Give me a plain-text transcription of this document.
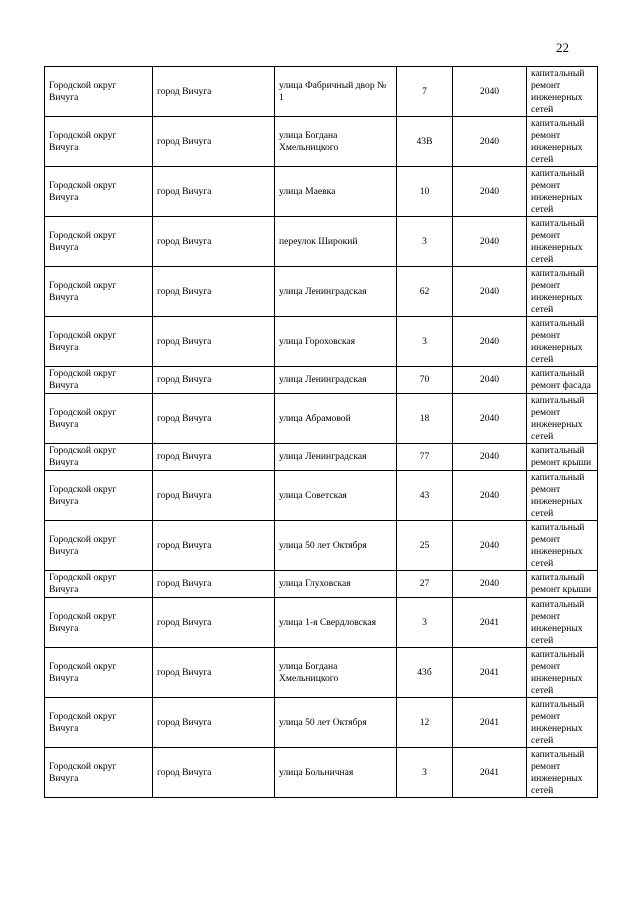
22
Городской округ Вичуга	город Вичуга	улица Фабричный двор № 1	7	2040	капитальный ремонт инженерных сетей
Городской округ Вичуга	город Вичуга	улица Богдана Хмельницкого	43В	2040	капитальный ремонт инженерных сетей
Городской округ Вичуга	город Вичуга	улица Маевка	10	2040	капитальный ремонт инженерных сетей
Городской округ Вичуга	город Вичуга	переулок Широкий	3	2040	капитальный ремонт инженерных сетей
Городской округ Вичуга	город Вичуга	улица Ленинградская	62	2040	капитальный ремонт инженерных сетей
Городской округ Вичуга	город Вичуга	улица Гороховская	3	2040	капитальный ремонт инженерных сетей
Городской округ Вичуга	город Вичуга	улица Ленинградская	70	2040	капитальный ремонт фасада
Городской округ Вичуга	город Вичуга	улица Абрамовой	18	2040	капитальный ремонт инженерных сетей
Городской округ Вичуга	город Вичуга	улица Ленинградская	77	2040	капитальный ремонт крыши
Городской округ Вичуга	город Вичуга	улица Советская	43	2040	капитальный ремонт инженерных сетей
Городской округ Вичуга	город Вичуга	улица 50 лет Октября	25	2040	капитальный ремонт инженерных сетей
Городской округ Вичуга	город Вичуга	улица Глуховская	27	2040	капитальный ремонт крыши
Городской округ Вичуга	город Вичуга	улица 1-я Свердловская	3	2041	капитальный ремонт инженерных сетей
Городской округ Вичуга	город Вичуга	улица Богдана Хмельницкого	43б	2041	капитальный ремонт инженерных сетей
Городской округ Вичуга	город Вичуга	улица 50 лет Октября	12	2041	капитальный ремонт инженерных сетей
Городской округ Вичуга	город Вичуга	улица Больничная	3	2041	капитальный ремонт инженерных сетей
